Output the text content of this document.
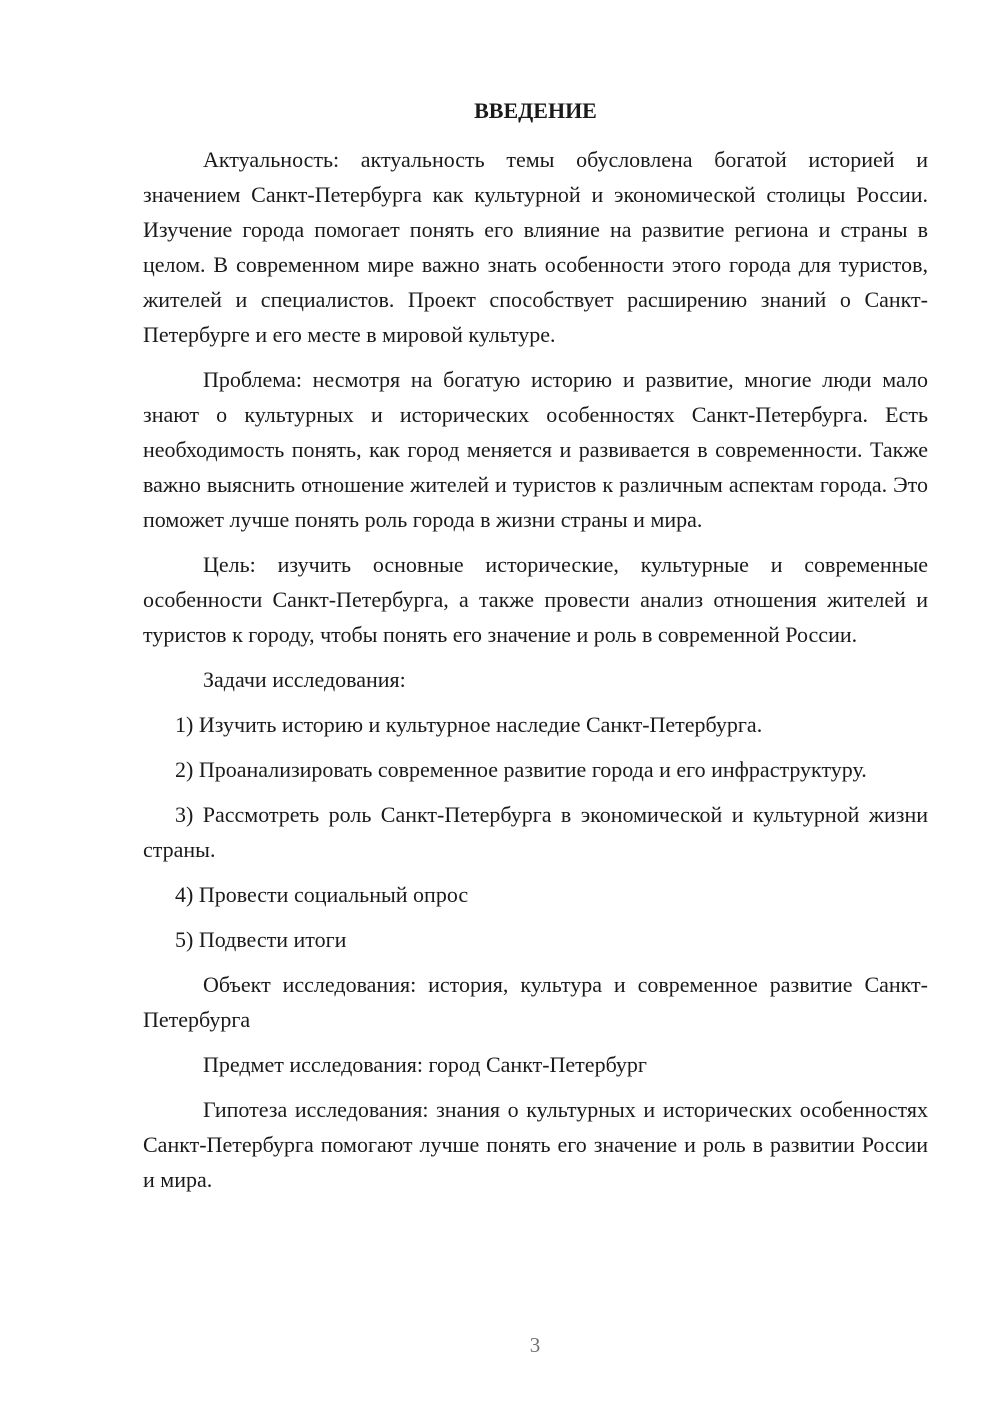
ВВЕДЕНИЕ

Актуальность: актуальность темы обусловлена богатой историей и значением Санкт-Петербурга как культурной и экономической столицы России. Изучение города помогает понять его влияние на развитие региона и страны в целом. В современном мире важно знать особенности этого города для туристов, жителей и специалистов. Проект способствует расширению знаний о Санкт-Петербурге и его месте в мировой культуре.

Проблема: несмотря на богатую историю и развитие, многие люди мало знают о культурных и исторических особенностях Санкт-Петербурга. Есть необходимость понять, как город меняется и развивается в современности. Также важно выяснить отношение жителей и туристов к различным аспектам города. Это поможет лучше понять роль города в жизни страны и мира.

Цель: изучить основные исторические, культурные и современные особенности Санкт-Петербурга, а также провести анализ отношения жителей и туристов к городу, чтобы понять его значение и роль в современной России.

Задачи исследования:

1) Изучить историю и культурное наследие Санкт-Петербурга.

2) Проанализировать современное развитие города и его инфраструктуру.

3) Рассмотреть роль Санкт-Петербурга в экономической и культурной жизни страны.

4) Провести социальный опрос

5) Подвести итоги

Объект исследования: история, культура и современное развитие Санкт-Петербурга

Предмет исследования: город Санкт-Петербург

Гипотеза исследования: знания о культурных и исторических особенностях Санкт-Петербурга помогают лучше понять его значение и роль в развитии России и мира.

3
